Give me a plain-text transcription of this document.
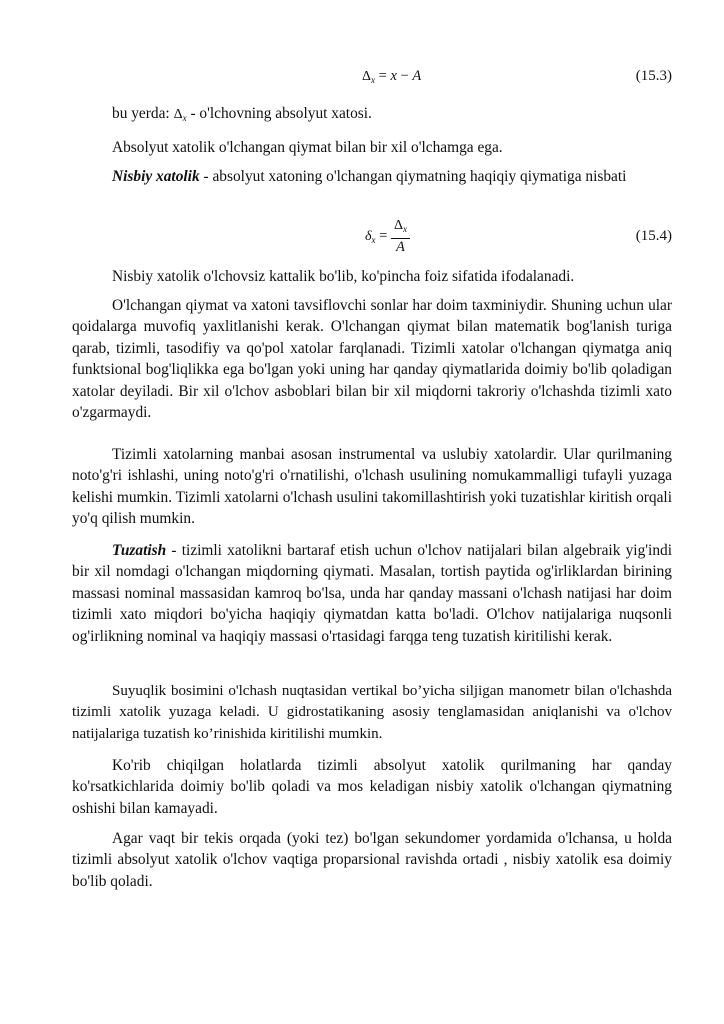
$\Delta_x = x - A$	(15.3)

bu yerda: $\Delta_x$ - o'lchovning absolyut xatosi.

Absolyut xatolik o'lchangan qiymat bilan bir xil o'lchamga ega.

Nisbiy xatolik - absolyut xatoning o'lchangan qiymatning haqiqiy qiymatiga nisbati

$\delta_x = \frac{\Delta_x}{A}$	(15.4)

Nisbiy xatolik o'lchovsiz kattalik bo'lib, ko'pincha foiz sifatida ifodalanadi.

O'lchangan qiymat va xatoni tavsiflovchi sonlar har doim taxminiydir. Shuning uchun ular qoidalarga muvofiq yaxlitlanishi kerak. O'lchangan qiymat bilan matematik bog'lanish turiga qarab, tizimli, tasodifiy va qo'pol xatolar farqlanadi. Tizimli xatolar o'lchangan qiymatga aniq funktsional bog'liqlikka ega bo'lgan yoki uning har qanday qiymatlarida doimiy bo'lib qoladigan xatolar deyiladi. Bir xil o'lchov asboblari bilan bir xil miqdorni takroriy o'lchashda tizimli xato o'zgarmaydi.

Tizimli xatolarning manbai asosan instrumental va uslubiy xatolardir. Ular qurilmaning noto'g'ri ishlashi, uning noto'g'ri o'rnatilishi, o'lchash usulining nomukammalligi tufayli yuzaga kelishi mumkin. Tizimli xatolarni o'lchash usulini takomillashtirish yoki tuzatishlar kiritish orqali yo'q qilish mumkin.

Tuzatish - tizimli xatolikni bartaraf etish uchun o'lchov natijalari bilan algebraik yig'indi bir xil nomdagi o'lchangan miqdorning qiymati. Masalan, tortish paytida og'irliklardan birining massasi nominal massasidan kamroq bo'lsa, unda har qanday massani o'lchash natijasi har doim tizimli xato miqdori bo'yicha haqiqiy qiymatdan katta bo'ladi. O'lchov natijalariga nuqsonli og'irlikning nominal va haqiqiy massasi o'rtasidagi farqga teng tuzatish kiritilishi kerak.

Suyuqlik bosimini o'lchash nuqtasidan vertikal bo’yicha siljigan manometr bilan o'lchashda tizimli xatolik yuzaga keladi. U gidrostatikaning asosiy tenglamasidan aniqlanishi va o'lchov natijalariga tuzatish ko’rinishida kiritilishi mumkin.

Ko'rib chiqilgan holatlarda tizimli absolyut xatolik qurilmaning har qanday ko'rsatkichlarida doimiy bo'lib qoladi va mos keladigan nisbiy xatolik o'lchangan qiymatning oshishi bilan kamayadi.

Agar vaqt bir tekis orqada (yoki tez) bo'lgan sekundomer yordamida o'lchansa, u holda tizimli absolyut xatolik o'lchov vaqtiga proparsional ravishda ortadi , nisbiy xatolik esa doimiy bo'lib qoladi.
